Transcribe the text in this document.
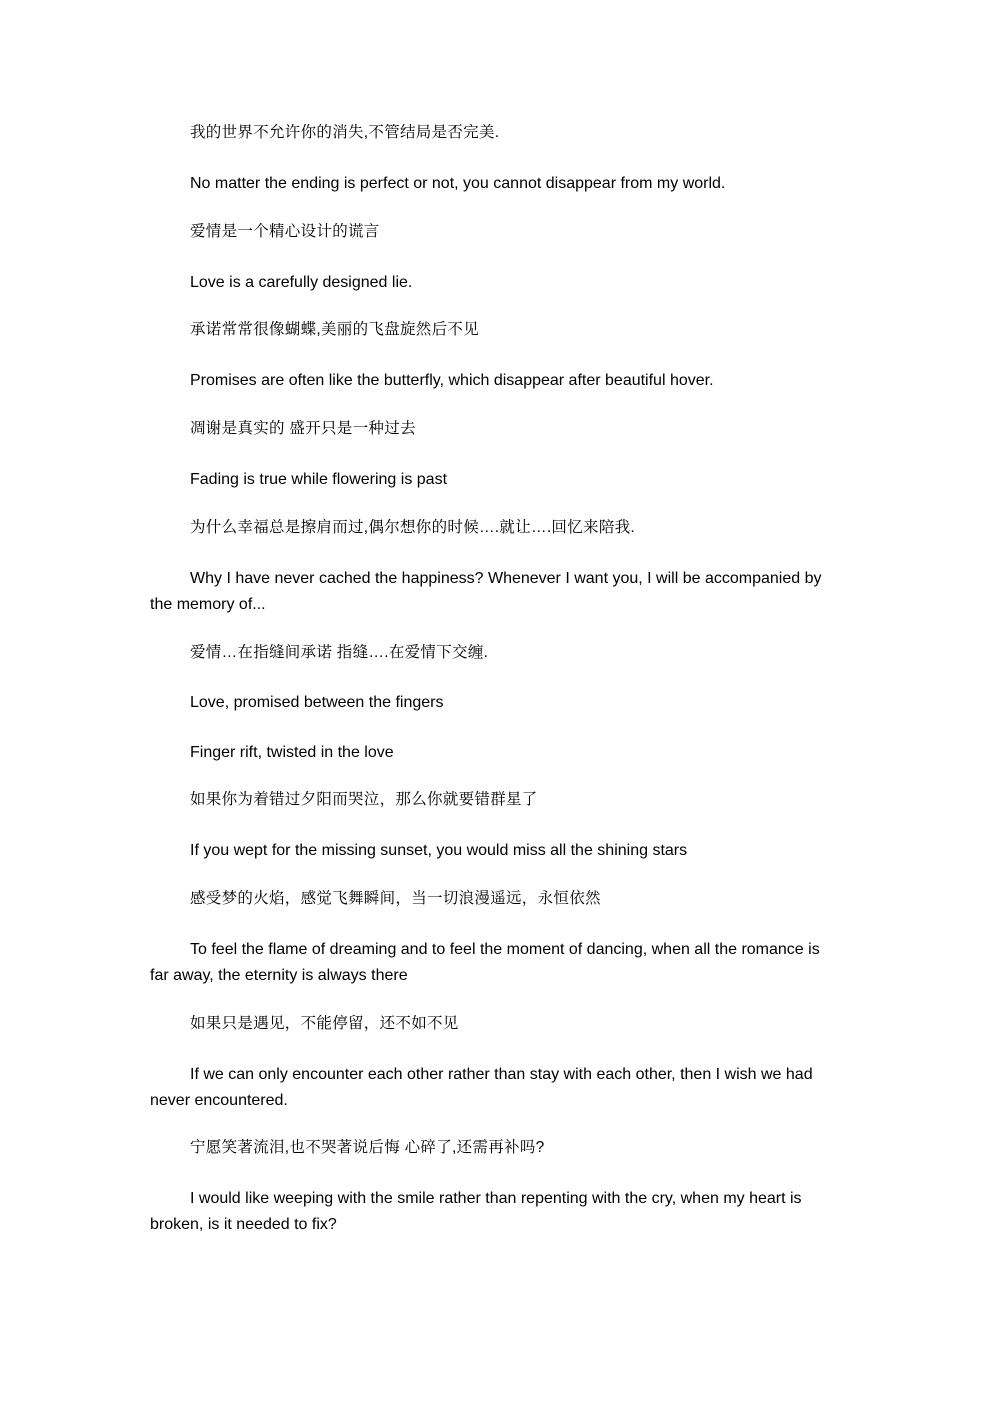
我的世界不允许你的消失,不管结局是否完美.

No matter the ending is perfect or not, you cannot disappear from my world.

爱情是一个精心设计的谎言

Love is a carefully designed lie.

承诺常常很像蝴蝶,美丽的飞盘旋然后不见

Promises are often like the butterfly, which disappear after beautiful hover.

凋谢是真实的 盛开只是一种过去

Fading is true while flowering is past

为什么幸福总是擦肩而过,偶尔想你的时候….就让….回忆来陪我.

Why I have never cached the happiness? Whenever I want you, I will be accompanied by the memory of...

爱情…在指缝间承诺 指缝….在爱情下交缠.

Love, promised between the fingers

Finger rift, twisted in the love

如果你为着错过夕阳而哭泣，那么你就要错群星了

If you wept for the missing sunset, you would miss all the shining stars

感受梦的火焰，感觉飞舞瞬间，当一切浪漫遥远，永恒依然

To feel the flame of dreaming and to feel the moment of dancing, when all the romance is far away, the eternity is always there

如果只是遇见，不能停留，还不如不见

If we can only encounter each other rather than stay with each other, then I wish we had never encountered.

宁愿笑著流泪,也不哭著说后悔 心碎了,还需再补吗?

I would like weeping with the smile rather than repenting with the cry, when my heart is broken, is it needed to fix?
